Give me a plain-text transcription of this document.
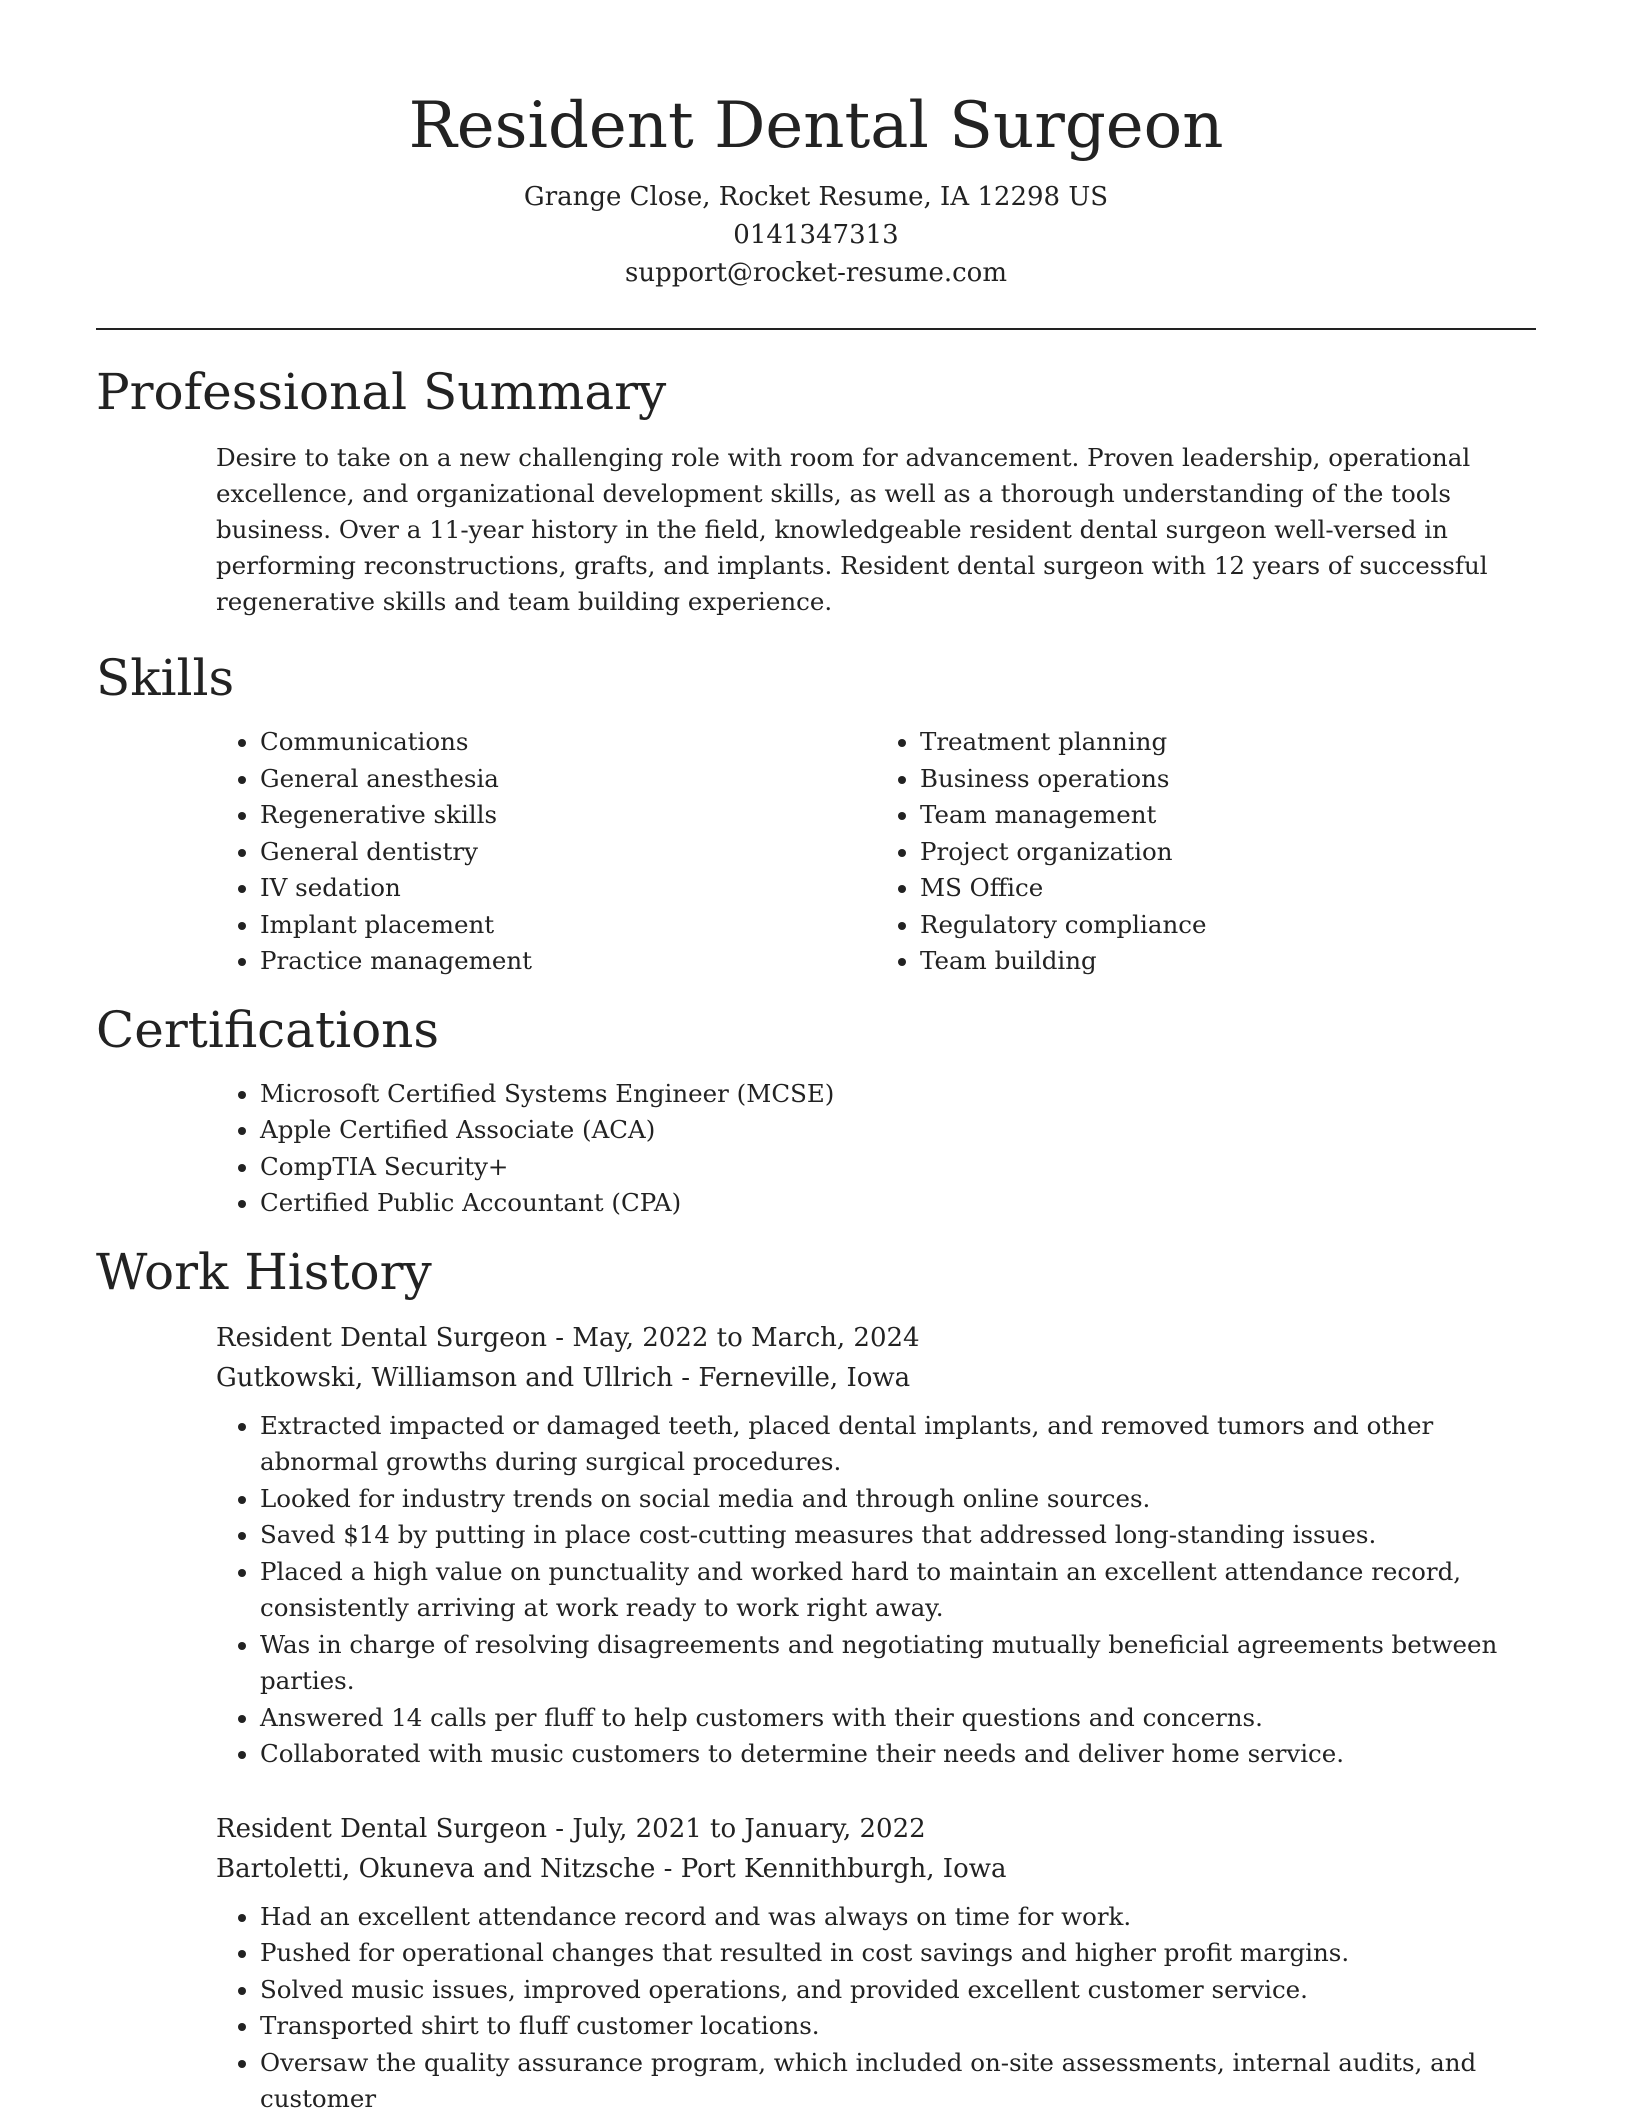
Resident Dental Surgeon
Grange Close, Rocket Resume, IA 12298 US
0141347313
support@rocket-resume.com
Professional Summary

Desire to take on a new challenging role with room for advancement. Proven leadership, operational excellence, and organizational development skills, as well as a thorough understanding of the tools business. Over a 11-year history in the field, knowledgeable resident dental surgeon well-versed in performing reconstructions, grafts, and implants. Resident dental surgeon with 12 years of successful regenerative skills and team building experience.

Skills
• Communications
• General anesthesia
• Regenerative skills
• General dentistry
• IV sedation
• Implant placement
• Practice management
• Treatment planning
• Business operations
• Team management
• Project organization
• MS Office
• Regulatory compliance
• Team building
Certifications
• Microsoft Certified Systems Engineer (MCSE)
• Apple Certified Associate (ACA)
• CompTIA Security+
• Certified Public Accountant (CPA)
Work History
Resident Dental Surgeon - May, 2022 to March, 2024
Gutkowski, Williamson and Ullrich - Ferneville, Iowa
• Extracted impacted or damaged teeth, placed dental implants, and removed tumors and other abnormal growths during surgical procedures.
• Looked for industry trends on social media and through online sources.
• Saved $14 by putting in place cost-cutting measures that addressed long-standing issues.
• Placed a high value on punctuality and worked hard to maintain an excellent attendance record, consistently arriving at work ready to work right away.
• Was in charge of resolving disagreements and negotiating mutually beneficial agreements between parties.
• Answered 14 calls per fluff to help customers with their questions and concerns.
• Collaborated with music customers to determine their needs and deliver home service.
Resident Dental Surgeon - July, 2021 to January, 2022
Bartoletti, Okuneva and Nitzsche - Port Kennithburgh, Iowa
• Had an excellent attendance record and was always on time for work.
• Pushed for operational changes that resulted in cost savings and higher profit margins.
• Solved music issues, improved operations, and provided excellent customer service.
• Transported shirt to fluff customer locations.
• Oversaw the quality assurance program, which included on-site assessments, internal audits, and customer
